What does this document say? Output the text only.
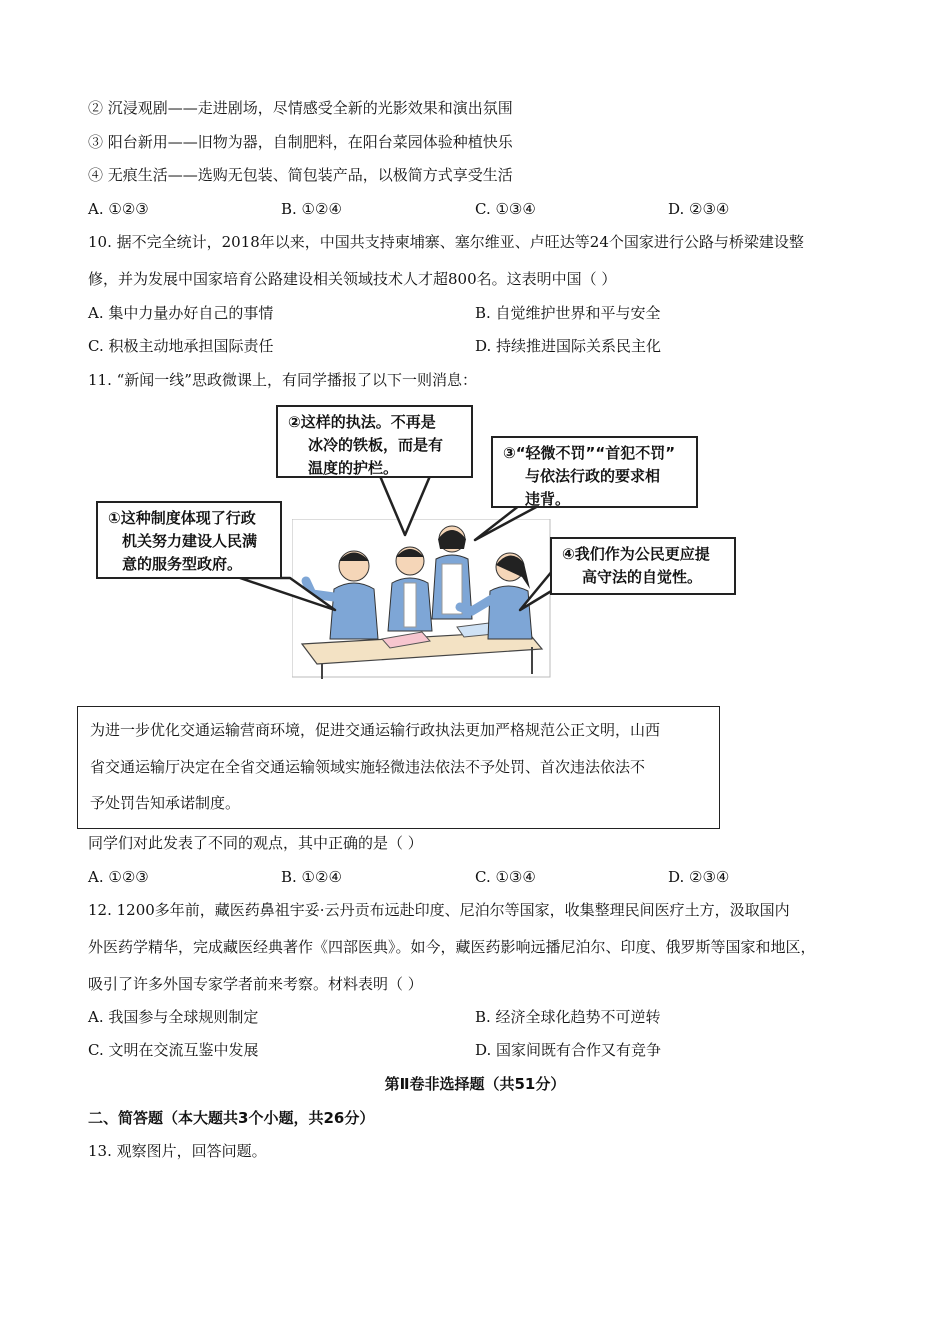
② 沉浸观剧——走进剧场，尽情感受全新的光影效果和演出氛围
③ 阳台新用——旧物为器，自制肥料，在阳台菜园体验种植快乐
④ 无痕生活——选购无包装、简包装产品，以极简方式享受生活
A. ①②③	B. ①②④	C. ①③④	D. ②③④
10. 据不完全统计，2018年以来，中国共支持柬埔寨、塞尔维亚、卢旺达等24个国家进行公路与桥梁建设整
修，并为发展中国家培育公路建设相关领域技术人才超800名。这表明中国（ ）
A. 集中力量办好自己的事情	B. 自觉维护世界和平与安全
C. 积极主动地承担国际责任	D. 持续推进国际关系民主化
11. “新闻一线”思政微课上，有同学播报了以下一则消息：
①这种制度体现了行政
机关努力建设人民满
意的服务型政府。
②这样的执法。不再是
冰冷的铁板，而是有
温度的护栏。
③“轻微不罚”“首犯不罚”
与依法行政的要求相
违背。
④我们作为公民更应提
高守法的自觉性。
为进一步优化交通运输营商环境，促进交通运输行政执法更加严格规范公正文明，山西
省交通运输厅决定在全省交通运输领域实施轻微违法依法不予处罚、首次违法依法不
予处罚告知承诺制度。
同学们对此发表了不同的观点，其中正确的是（ ）
A. ①②③	B. ①②④	C. ①③④	D. ②③④
12. 1200多年前，藏医药鼻祖宇妥·云丹贡布远赴印度、尼泊尔等国家，收集整理民间医疗土方，汲取国内
外医药学精华，完成藏医经典著作《四部医典》。如今，藏医药影响远播尼泊尔、印度、俄罗斯等国家和地区，
吸引了许多外国专家学者前来考察。材料表明（ ）
A. 我国参与全球规则制定	B. 经济全球化趋势不可逆转
C. 文明在交流互鉴中发展	D. 国家间既有合作又有竞争
第Ⅱ卷非选择题（共51分）
二、简答题（本大题共3个小题，共26分）
13. 观察图片，回答问题。
